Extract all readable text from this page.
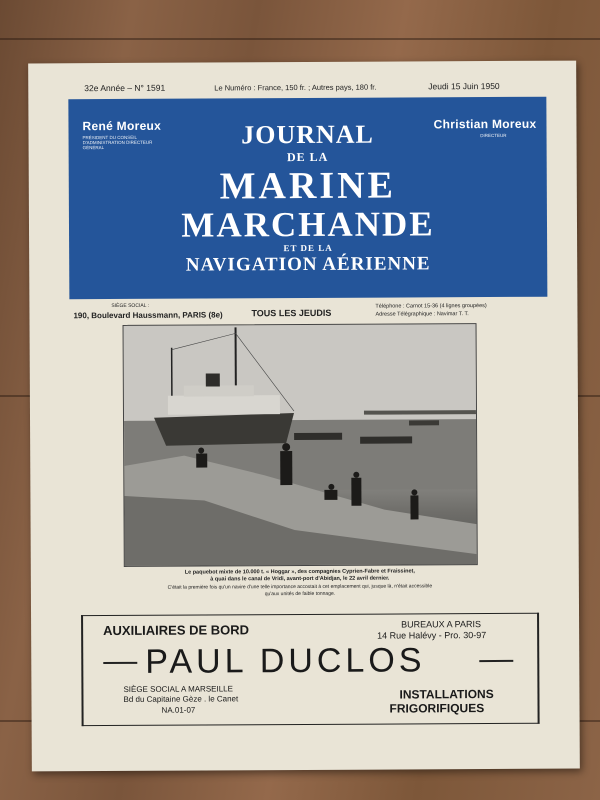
32e Année – N° 1591	Le Numéro : France, 150 fr. ; Autres pays, 180 fr.	Jeudi 15 Juin 1950
René Moreux
PRÉSIDENT DU CONSEIL D'ADMINISTRATION DIRECTEUR GÉNÉRAL
Christian Moreux
DIRECTEUR
JOURNAL
DE LA
MARINE
MARCHANDE
ET DE LA
NAVIGATION AÉRIENNE
SIÈGE SOCIAL :
190, Boulevard Haussmann, PARIS (8e)	TOUS LES JEUDIS
Téléphone : Carnot 15-36 (4 lignes groupées)
Adresse Télégraphique : Navimar T. T.
Le paquebot mixte de 10.000 t. « Hoggar », des compagnies Cyprien-Fabre et Fraissinet,
à quai dans le canal de Vridi, avant-port d'Abidjan, le 22 avril dernier.
C'était la première fois qu'un navire d'une telle importance accostait à cet emplacement qui, jusque là, n'était accessible
qu'aux unités de faible tonnage.
AUXILIAIRES DE BORD	BUREAUX A PARIS
14 Rue Halévy - Pro. 30-97
PAUL DUCLOS
SIÈGE SOCIAL A MARSEILLE
Bd du Capitaine Gèze . le Canet
NA.01-07
INSTALLATIONS
FRIGORIFIQUES
